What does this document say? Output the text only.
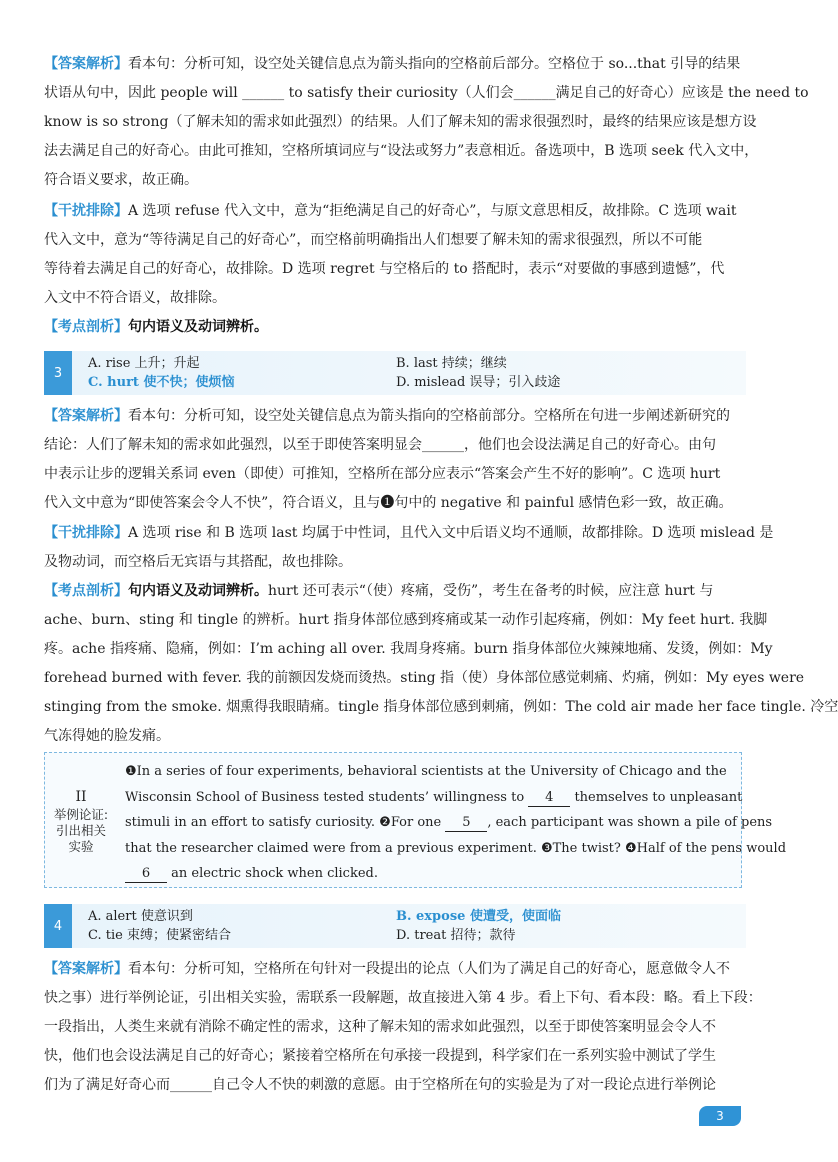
【答案解析】看本句：分析可知，设空处关键信息点为箭头指向的空格前后部分。空格位于 so...that 引导的结果
状语从句中，因此 people will ______ to satisfy their curiosity（人们会______满足自己的好奇心）应该是 the need to
know is so strong（了解未知的需求如此强烈）的结果。人们了解未知的需求很强烈时，最终的结果应该是想方设
法去满足自己的好奇心。由此可推知，空格所填词应与“设法或努力”表意相近。备选项中，B 选项 seek 代入文中，
符合语义要求，故正确。
【干扰排除】A 选项 refuse 代入文中，意为“拒绝满足自己的好奇心”，与原文意思相反，故排除。C 选项 wait
代入文中，意为“等待满足自己的好奇心”，而空格前明确指出人们想要了解未知的需求很强烈，所以不可能
等待着去满足自己的好奇心，故排除。D 选项 regret 与空格后的 to 搭配时，表示“对要做的事感到遗憾”，代
入文中不符合语义，故排除。
【考点剖析】句内语义及动词辨析。
3
A. rise 上升；升起	B. last 持续；继续
C. hurt 使不快；使烦恼	D. mislead 误导；引入歧途
【答案解析】看本句：分析可知，设空处关键信息点为箭头指向的空格前部分。空格所在句进一步阐述新研究的
结论：人们了解未知的需求如此强烈，以至于即使答案明显会______，他们也会设法满足自己的好奇心。由句
中表示让步的逻辑关系词 even（即使）可推知，空格所在部分应表示“答案会产生不好的影响”。C 选项 hurt
代入文中意为“即使答案会令人不快”，符合语义，且与❶句中的 negative 和 painful 感情色彩一致，故正确。
【干扰排除】A 选项 rise 和 B 选项 last 均属于中性词，且代入文中后语义均不通顺，故都排除。D 选项 mislead 是
及物动词，而空格后无宾语与其搭配，故也排除。
【考点剖析】句内语义及动词辨析。hurt 还可表示“（使）疼痛，受伤”，考生在备考的时候，应注意 hurt 与
ache、burn、sting 和 tingle 的辨析。hurt 指身体部位感到疼痛或某一动作引起疼痛，例如：My feet hurt. 我脚
疼。ache 指疼痛、隐痛，例如：I’m aching all over. 我周身疼痛。burn 指身体部位火辣辣地痛、发烫，例如：My
forehead burned with fever. 我的前额因发烧而烫热。sting 指（使）身体部位感觉刺痛、灼痛，例如：My eyes were
stinging from the smoke. 烟熏得我眼睛痛。tingle 指身体部位感到刺痛，例如：The cold air made her face tingle. 冷空
气冻得她的脸发痛。
II
举例论证:
引出相关
实验
❶In a series of four experiments, behavioral scientists at the University of Chicago and the
Wisconsin School of Business tested students’ willingness to 4 themselves to unpleasant
stimuli in an effort to satisfy curiosity. ❷For one 5 , each participant was shown a pile of pens
that the researcher claimed were from a previous experiment. ❸The twist? ❹Half of the pens would
6 an electric shock when clicked.
4
A. alert 使意识到	B. expose 使遭受，使面临
C. tie 束缚；使紧密结合	D. treat 招待；款待
【答案解析】看本句：分析可知，空格所在句针对一段提出的论点（人们为了满足自己的好奇心，愿意做令人不
快之事）进行举例论证，引出相关实验，需联系一段解题，故直接进入第 4 步。看上下句、看本段：略。看上下段：
一段指出，人类生来就有消除不确定性的需求，这种了解未知的需求如此强烈，以至于即使答案明显会令人不
快，他们也会设法满足自己的好奇心；紧接着空格所在句承接一段提到，科学家们在一系列实验中测试了学生
们为了满足好奇心而______自己令人不快的刺激的意愿。由于空格所在句的实验是为了对一段论点进行举例论
3
